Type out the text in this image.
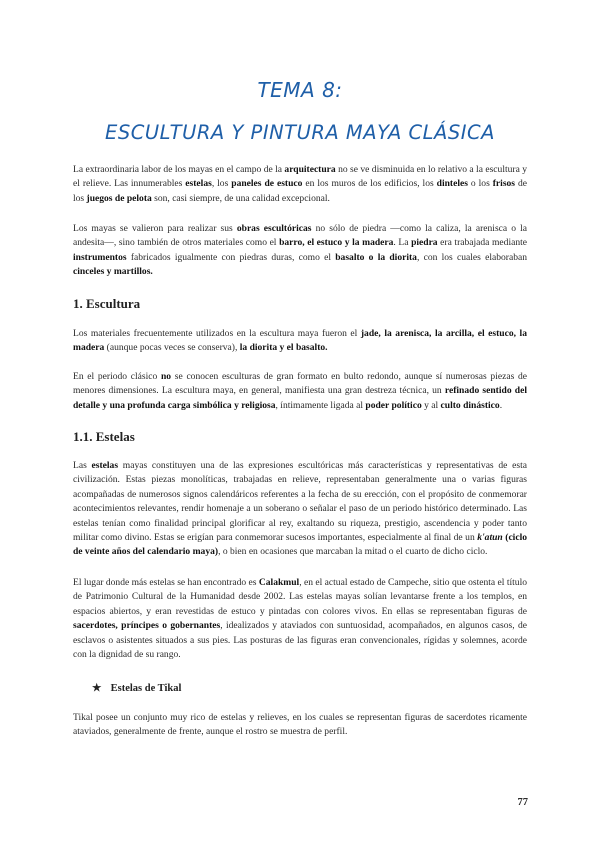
TEMA 8:
ESCULTURA Y PINTURA MAYA CLÁSICA

La extraordinaria labor de los mayas en el campo de la arquitectura no se ve disminuida en lo relativo a la escultura y el relieve. Las innumerables estelas, los paneles de estuco en los muros de los edificios, los dinteles o los frisos de los juegos de pelota son, casi siempre, de una calidad excepcional.

Los mayas se valieron para realizar sus obras escultóricas no sólo de piedra —como la caliza, la arenisca o la andesita—, sino también de otros materiales como el barro, el estuco y la madera. La piedra era trabajada mediante instrumentos fabricados igualmente con piedras duras, como el basalto o la diorita, con los cuales elaboraban cinceles y martillos.

1. Escultura

Los materiales frecuentemente utilizados en la escultura maya fueron el jade, la arenisca, la arcilla, el estuco, la madera (aunque pocas veces se conserva), la diorita y el basalto.

En el periodo clásico no se conocen esculturas de gran formato en bulto redondo, aunque sí numerosas piezas de menores dimensiones. La escultura maya, en general, manifiesta una gran destreza técnica, un refinado sentido del detalle y una profunda carga simbólica y religiosa, íntimamente ligada al poder político y al culto dinástico.

1.1. Estelas

Las estelas mayas constituyen una de las expresiones escultóricas más características y representativas de esta civilización. Estas piezas monolíticas, trabajadas en relieve, representaban generalmente una o varias figuras acompañadas de numerosos signos calendáricos referentes a la fecha de su erección, con el propósito de conmemorar acontecimientos relevantes, rendir homenaje a un soberano o señalar el paso de un periodo histórico determinado. Las estelas tenían como finalidad principal glorificar al rey, exaltando su riqueza, prestigio, ascendencia y poder tanto militar como divino. Estas se erigían para conmemorar sucesos importantes, especialmente al final de un k'atun (ciclo de veinte años del calendario maya), o bien en ocasiones que marcaban la mitad o el cuarto de dicho ciclo.

El lugar donde más estelas se han encontrado es Calakmul, en el actual estado de Campeche, sitio que ostenta el título de Patrimonio Cultural de la Humanidad desde 2002. Las estelas mayas solían levantarse frente a los templos, en espacios abiertos, y eran revestidas de estuco y pintadas con colores vivos. En ellas se representaban figuras de sacerdotes, príncipes o gobernantes, idealizados y ataviados con suntuosidad, acompañados, en algunos casos, de esclavos o asistentes situados a sus pies. Las posturas de las figuras eran convencionales, rígidas y solemnes, acorde con la dignidad de su rango.

★ Estelas de Tikal

Tikal posee un conjunto muy rico de estelas y relieves, en los cuales se representan figuras de sacerdotes ricamente ataviados, generalmente de frente, aunque el rostro se muestra de perfil.

77
